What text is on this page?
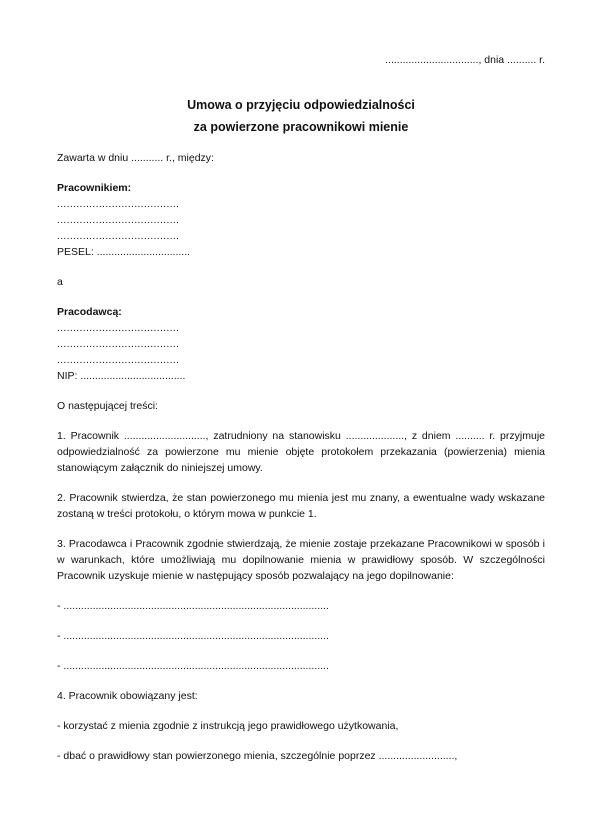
................................, dnia .......... r.
Umowa o przyjęciu odpowiedzialności
za powierzone pracownikowi mienie

Zawarta w dniu ........... r., między:

Pracownikiem:
......................................
......................................
......................................
PESEL: ................................

a

Pracodawcą:
......................................
......................................
......................................
NIP: ....................................

O następującej treści:

1. Pracownik ............................, zatrudniony na stanowisku ...................., z dniem .......... r. przyjmuje odpowiedzialność za powierzone mu mienie objęte protokołem przekazania (powierzenia) mienia stanowiącym załącznik do niniejszej umowy.

2. Pracownik stwierdza, że stan powierzonego mu mienia jest mu znany, a ewentualne wady wskazane zostaną w treści protokołu, o którym mowa w punkcie 1.

3. Pracodawca i Pracownik zgodnie stwierdzają, że mienie zostaje przekazane Pracownikowi w sposób i w warunkach, które umożliwiają mu dopilnowanie mienia w prawidłowy sposób. W szczególności Pracownik uzyskuje mienie w następujący sposób pozwalający na jego dopilnowanie:

- ...........................................................................................

- ...........................................................................................

- ...........................................................................................

4. Pracownik obowiązany jest:

- korzystać z mienia zgodnie z instrukcją jego prawidłowego użytkowania,

- dbać o prawidłowy stan powierzonego mienia, szczególnie poprzez ..........................,
